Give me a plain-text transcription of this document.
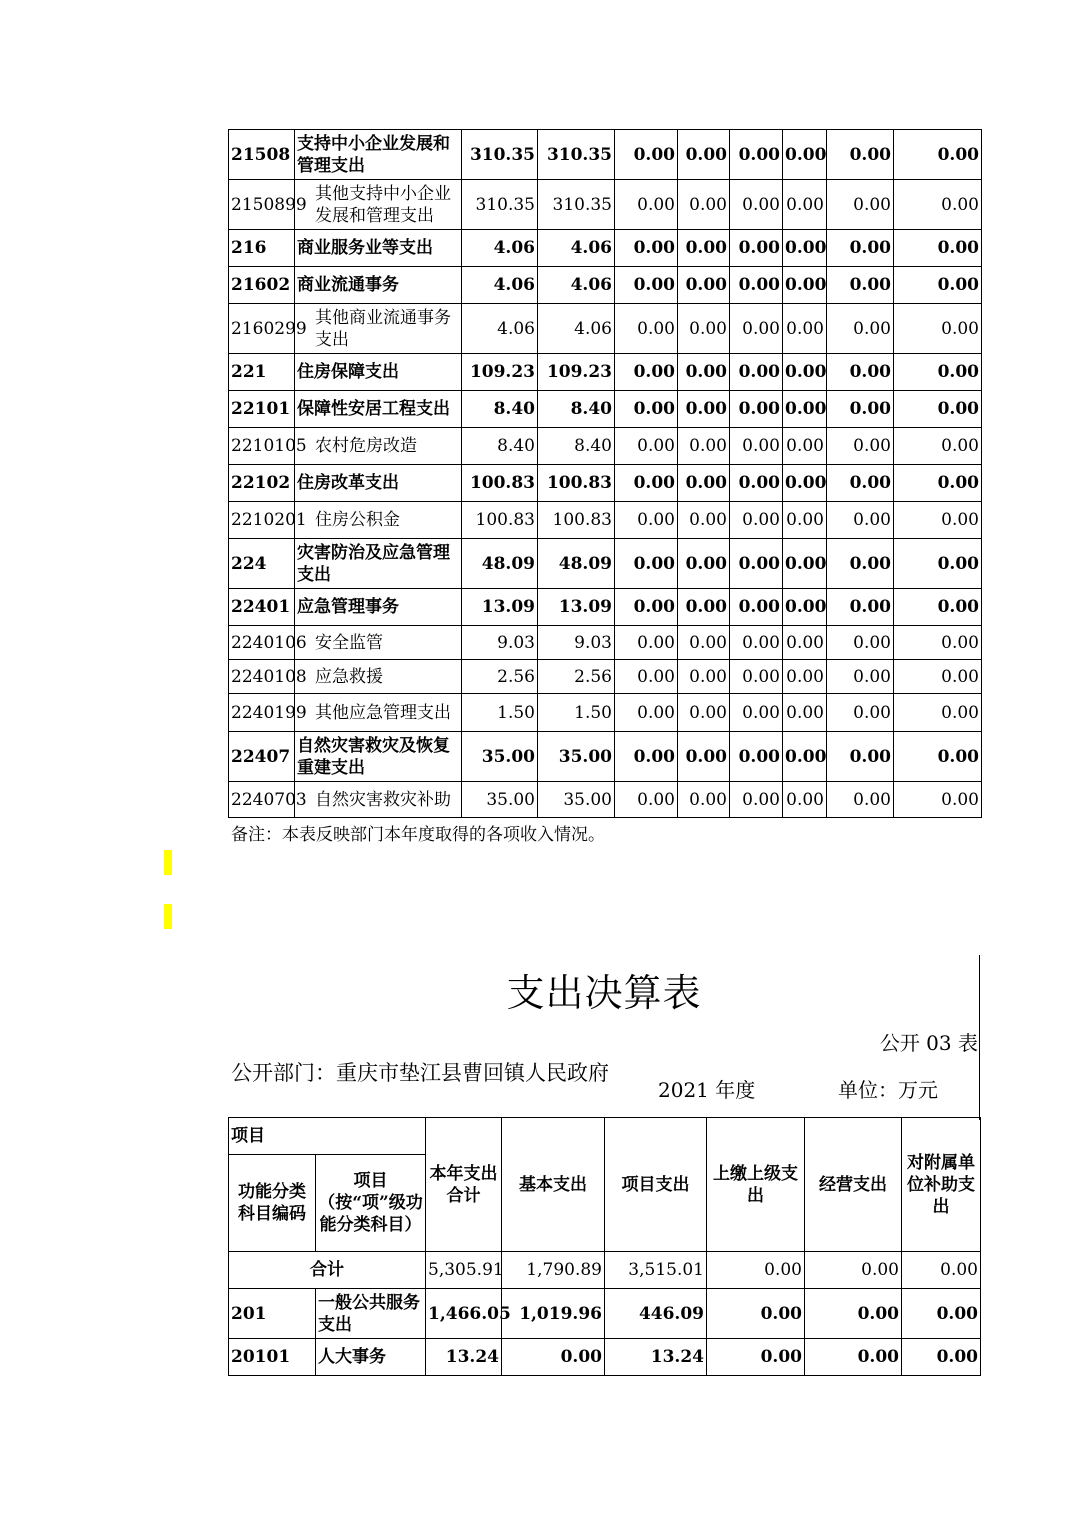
21508	支持中小企业发展和管理支出	310.35	310.35	0.00	0.00	0.00	0.00	0.00	0.00
2150899	其他支持中小企业发展和管理支出	310.35	310.35	0.00	0.00	0.00	0.00	0.00	0.00
216	商业服务业等支出	4.06	4.06	0.00	0.00	0.00	0.00	0.00	0.00
21602	商业流通事务	4.06	4.06	0.00	0.00	0.00	0.00	0.00	0.00
2160299	其他商业流通事务支出	4.06	4.06	0.00	0.00	0.00	0.00	0.00	0.00
221	住房保障支出	109.23	109.23	0.00	0.00	0.00	0.00	0.00	0.00
22101	保障性安居工程支出	8.40	8.40	0.00	0.00	0.00	0.00	0.00	0.00
2210105	农村危房改造	8.40	8.40	0.00	0.00	0.00	0.00	0.00	0.00
22102	住房改革支出	100.83	100.83	0.00	0.00	0.00	0.00	0.00	0.00
2210201	住房公积金	100.83	100.83	0.00	0.00	0.00	0.00	0.00	0.00
224	灾害防治及应急管理支出	48.09	48.09	0.00	0.00	0.00	0.00	0.00	0.00
22401	应急管理事务	13.09	13.09	0.00	0.00	0.00	0.00	0.00	0.00
2240106	安全监管	9.03	9.03	0.00	0.00	0.00	0.00	0.00	0.00
2240108	应急救援	2.56	2.56	0.00	0.00	0.00	0.00	0.00	0.00
2240199	其他应急管理支出	1.50	1.50	0.00	0.00	0.00	0.00	0.00	0.00
22407	自然灾害救灾及恢复重建支出	35.00	35.00	0.00	0.00	0.00	0.00	0.00	0.00
2240703	自然灾害救灾补助	35.00	35.00	0.00	0.00	0.00	0.00	0.00	0.00
备注：本表反映部门本年度取得的各项收入情况。
支出决算表
公开 03 表
公开部门：重庆市垫江县曹回镇人民政府
2021 年度	单位：万元
项目		本年支出合计	基本支出	项目支出	上缴上级支出	经营支出	对附属单位补助支出
功能分类科目编码	项目（按“项”级功能分类科目）						
合计		5,305.91	1,790.89	3,515.01	0.00	0.00	0.00
201	一般公共服务支出	1,466.05	1,019.96	446.09	0.00	0.00	0.00
20101	人大事务	13.24	0.00	13.24	0.00	0.00	0.00
